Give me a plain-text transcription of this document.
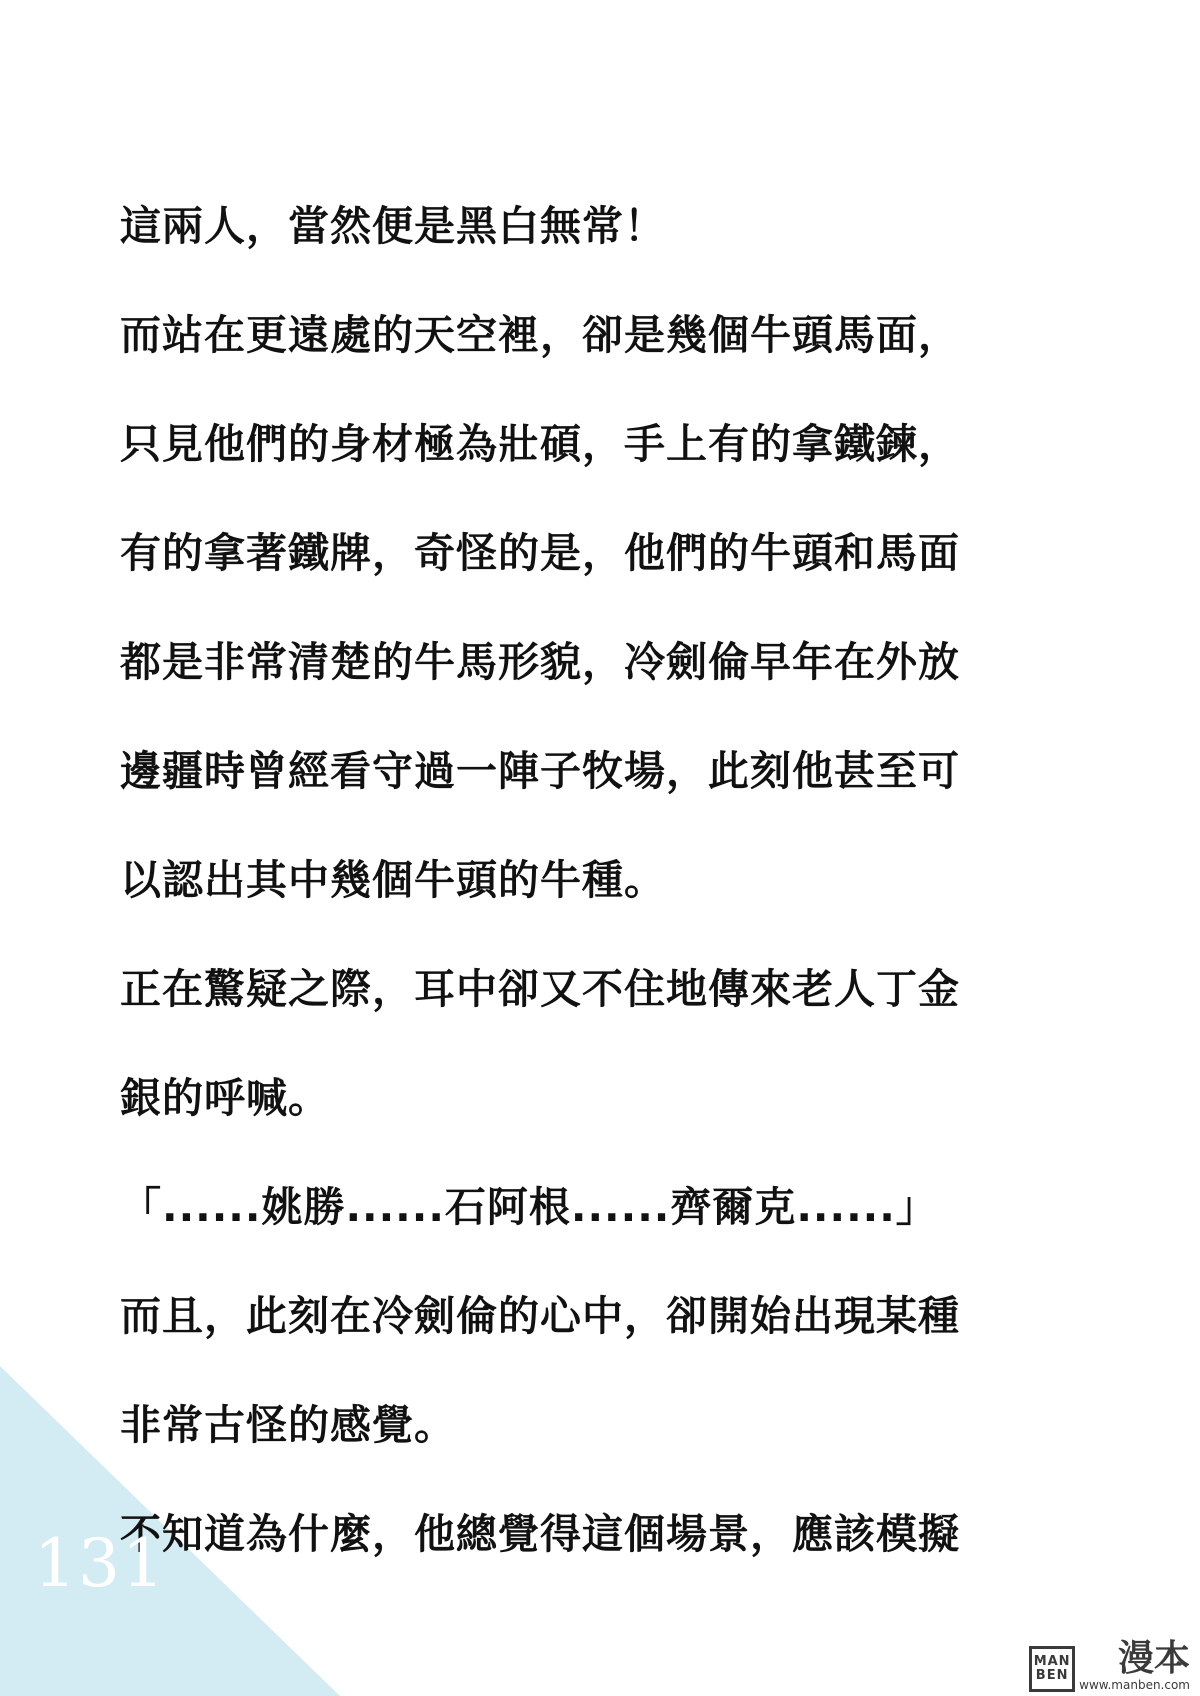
這兩人，當然便是黑白無常！

而站在更遠處的天空裡，卻是幾個牛頭馬面，

只見他們的身材極為壯碩，手上有的拿鐵鍊，

有的拿著鐵牌，奇怪的是，他們的牛頭和馬面

都是非常清楚的牛馬形貌，冷劍倫早年在外放

邊疆時曾經看守過一陣子牧場，此刻他甚至可

以認出其中幾個牛頭的牛種。

正在驚疑之際，耳中卻又不住地傳來老人丁金

銀的呼喊。

「......姚勝......石阿根......齊爾克......」

而且，此刻在冷劍倫的心中，卻開始出現某種

非常古怪的感覺。

不知道為什麼，他總覺得這個場景，應該模擬

131
MAN
BEN 漫本
www.manben.com
